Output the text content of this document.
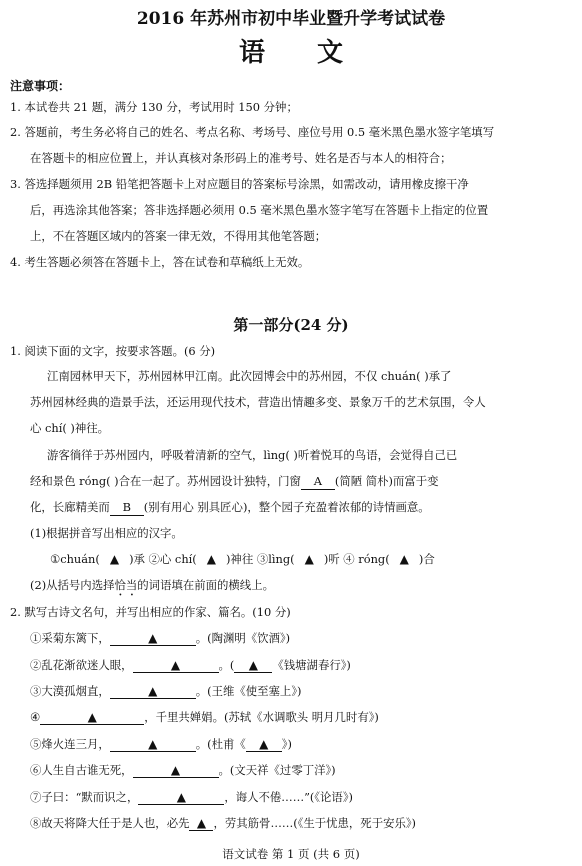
2016 年苏州市初中毕业暨升学考试试卷
语文
注意事项：
1. 本试卷共 21 题，满分 130 分，考试用时 150 分钟；
2. 答题前，考生务必将自己的姓名、考点名称、考场号、座位号用 0.5 毫米黑色墨水签字笔填写
在答题卡的相应位置上，并认真核对条形码上的准考号、姓名是否与本人的相符合；
3. 答选择题须用 2B 铅笔把答题卡上对应题目的答案标号涂黑，如需改动，请用橡皮擦干净
后，再选涂其他答案；答非选择题必须用 0.5 毫米黑色墨水签字笔写在答题卡上指定的位置
上，不在答题区域内的答案一律无效，不得用其他笔答题；
4. 考生答题必须答在答题卡上，答在试卷和草稿纸上无效。
第一部分(24 分)
1. 阅读下面的文字，按要求答题。(6 分)
江南园林甲天下，苏州园林甲江南。此次园博会中的苏州园，不仅 chuán( )承了
苏州园林经典的造景手法，还运用现代技术，营造出情趣多变、景象万千的艺术氛围，令人
心 chí( )神往。
游客徜徉于苏州园内，呼吸着清新的空气，lìng( )听着悦耳的鸟语，会觉得自己已
经和景色 róng( )合在一起了。苏州园设计独特，门窗 A (简陋 简朴)而富于变
化，长廊精美而 B (别有用心 别具匠心)，整个园子充盈着浓郁的诗情画意。
(1)根据拼音写出相应的汉字。
①chuán( ▲ )承 ②心 chí( ▲ )神往 ③lìng( ▲ )听 ④ róng( ▲ )合
(2)从括号内选择恰当的词语填在前面的横线上。
2. 默写古诗文名句，并写出相应的作家、篇名。(10 分)
①采菊东篱下，	▲	。(陶渊明《饮酒》)
②乱花渐欲迷人眼，	▲	。( ▲ 《钱塘湖春行》)
③大漠孤烟直，	▲	。(王维《使至塞上》)
④	▲	，千里共婵娟。(苏轼《水调歌头 明月几时有》)
⑤烽火连三月，	▲	。(杜甫《 ▲ 》)
⑥人生自古谁无死，	▲	。(文天祥《过零丁洋》)
⑦子曰：“默而识之，	▲	，诲人不倦……”(《论语》)
⑧故天将降大任于是人也，必先 ▲ ，劳其筋骨……(《生于忧患，死于安乐》)
语文试卷 第 1 页 (共 6 页)
